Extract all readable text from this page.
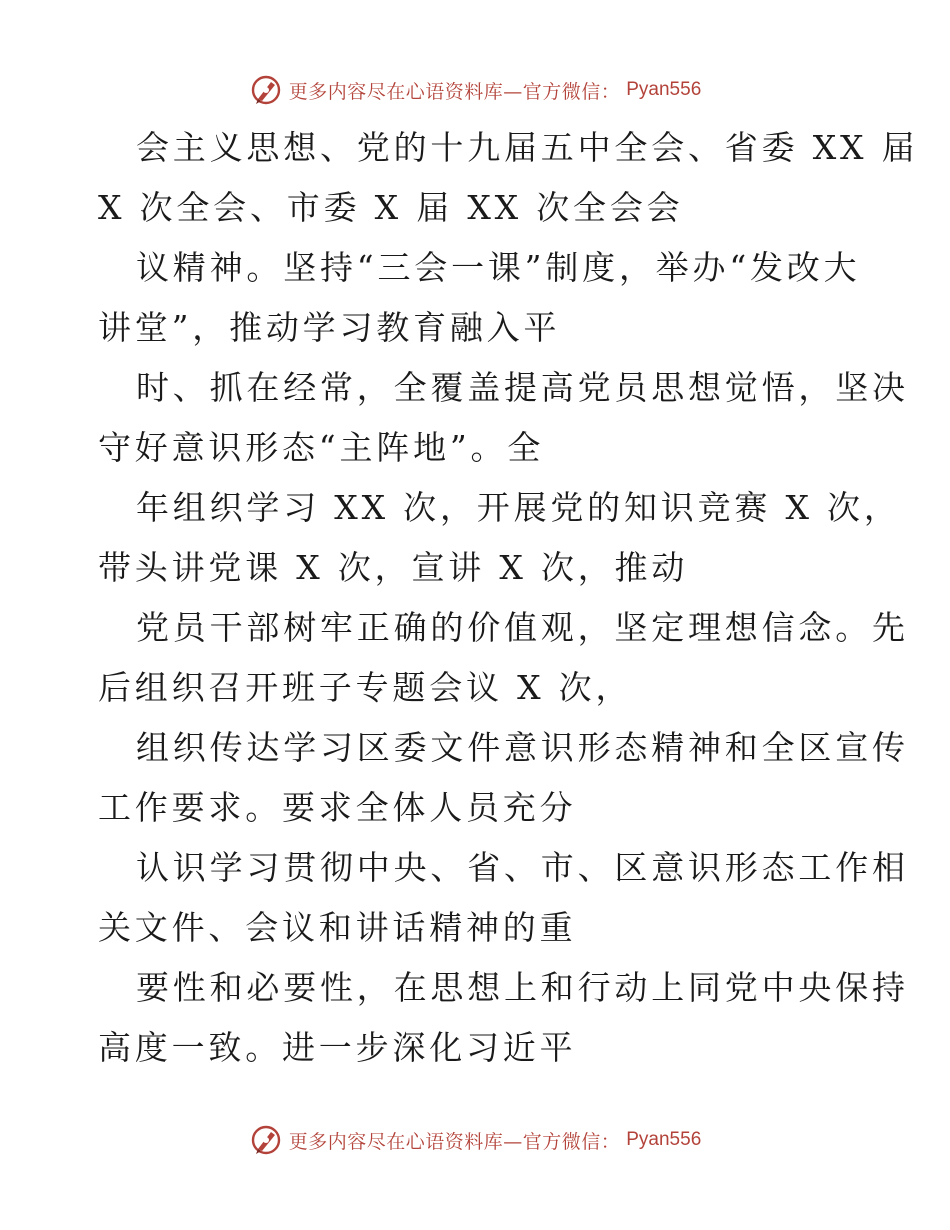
更多内容尽在心语资料库—官方微信： Pyan556
会主义思想、党的十九届五中全会、省委 XX 届
X 次全会、市委 X 届 XX 次全会会
议精神。坚持“三会一课”制度，举办“发改大
讲堂”，推动学习教育融入平
时、抓在经常，全覆盖提高党员思想觉悟，坚决
守好意识形态“主阵地”。全
年组织学习 XX 次，开展党的知识竞赛 X 次，
带头讲党课 X 次，宣讲 X 次，推动
党员干部树牢正确的价值观，坚定理想信念。先
后组织召开班子专题会议 X 次，
组织传达学习区委文件意识形态精神和全区宣传
工作要求。要求全体人员充分
认识学习贯彻中央、省、市、区意识形态工作相
关文件、会议和讲话精神的重
要性和必要性，在思想上和行动上同党中央保持
高度一致。进一步深化习近平
更多内容尽在心语资料库—官方微信： Pyan556
